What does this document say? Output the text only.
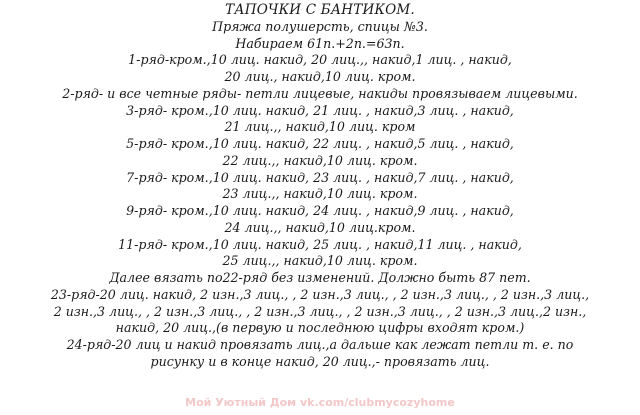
ТАПОЧКИ С БАНТИКОМ.
Пряжа полушерсть, спицы №3.
Набираем 61п.+2п.=63п.
1-ряд-кром.,10 лиц. накид, 20 лиц.,, накид,1 лиц. , накид,
20 лиц., накид,10 лиц. кром.
2-ряд- и все четные ряды- петли лицевые, накиды провязываем лицевыми.
3-ряд- кром.,10 лиц. накид, 21 лиц. , накид,3 лиц. , накид,
21 лиц.,, накид,10 лиц. кром
5-ряд- кром.,10 лиц. накид, 22 лиц. , накид,5 лиц. , накид,
22 лиц.,, накид,10 лиц. кром.
7-ряд- кром.,10 лиц. накид, 23 лиц. , накид,7 лиц. , накид,
23 лиц.,, накид,10 лиц. кром.
9-ряд- кром.,10 лиц. накид, 24 лиц. , накид,9 лиц. , накид,
24 лиц.,, накид,10 лиц.кром.
11-ряд- кром.,10 лиц. накид, 25 лиц. , накид,11 лиц. , накид,
25 лиц.,, накид,10 лиц. кром.
Далее вязать по22-ряд без изменений. Должно быть 87 пет.
23-ряд-20 лиц. накид, 2 изн.,3 лиц., , 2 изн.,3 лиц., , 2 изн.,3 лиц., , 2 изн.,3 лиц.,
2 изн.,3 лиц., , 2 изн.,3 лиц., , 2 изн.,3 лиц., , 2 изн.,3 лиц., , 2 изн.,3 лиц.,2 изн.,
накид, 20 лиц.,(в первую и последнюю цифры входят кром.)
24-ряд-20 лиц и накид провязать лиц.,а дальше как лежат петли т. е. по
рисунку и в конце накид, 20 лиц.,- провязать лиц.
Мой Уютный Дом vk.com/clubmycozyhome
